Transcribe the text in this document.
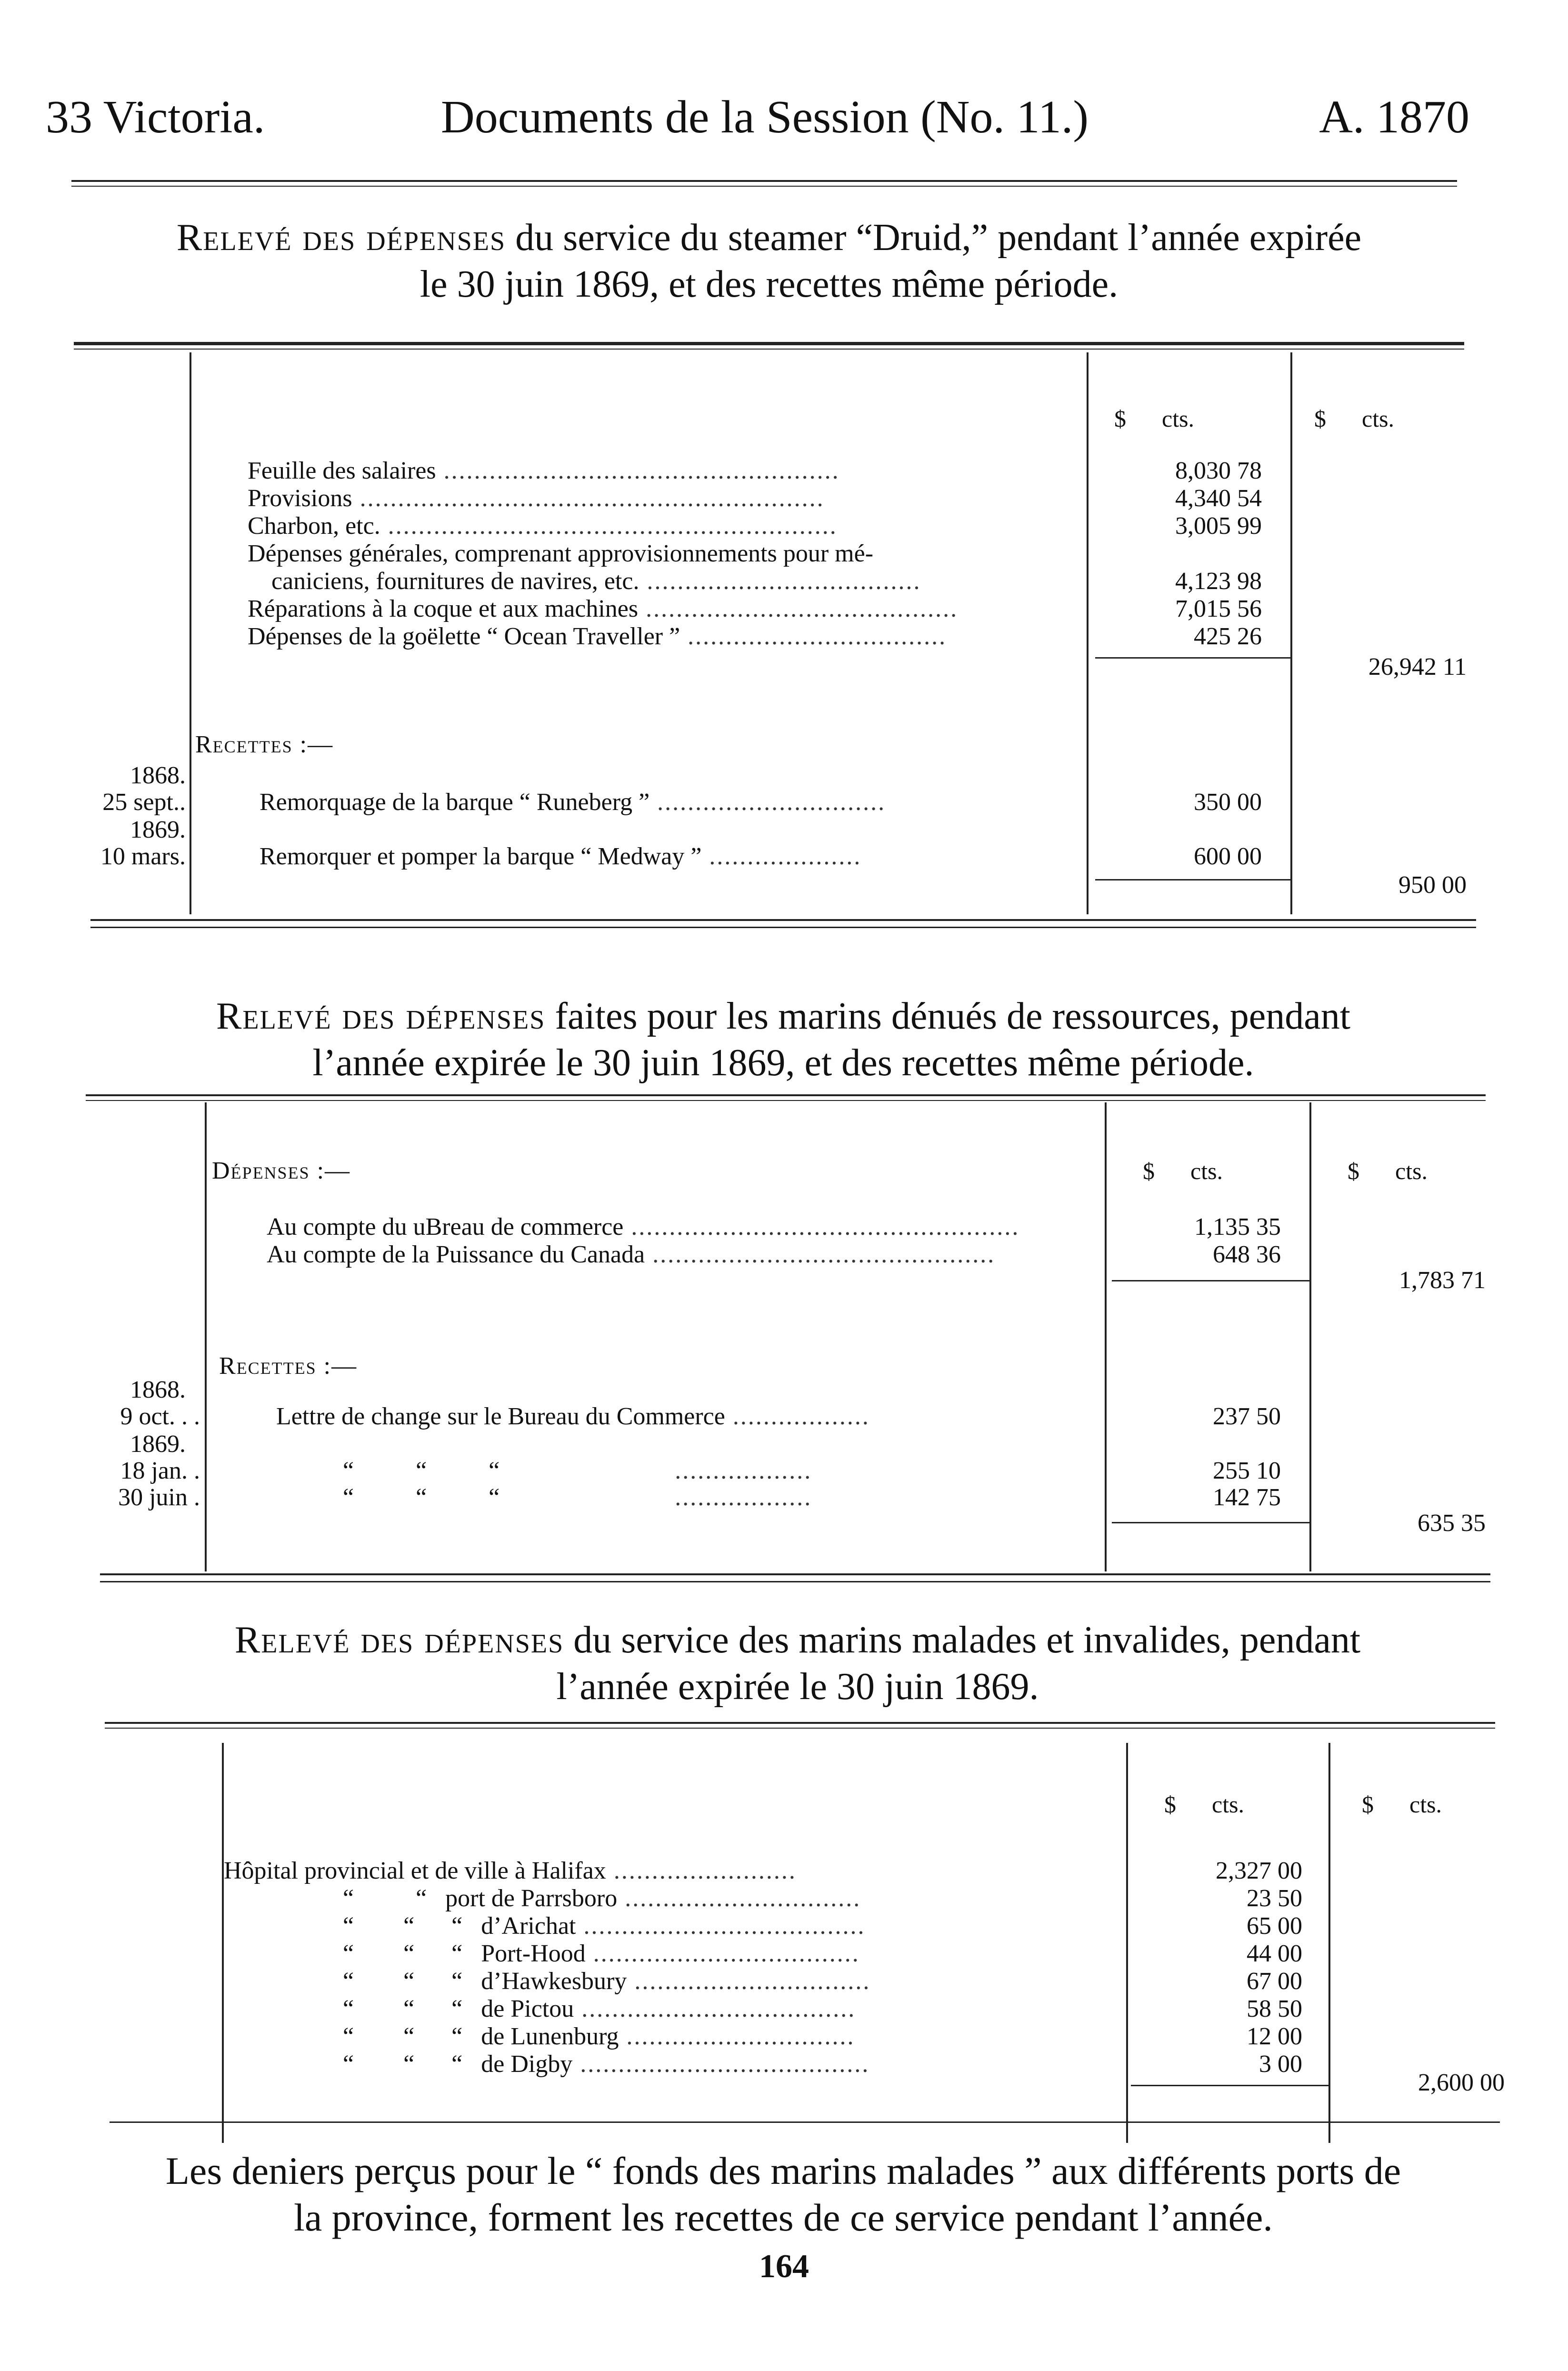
33 Victoria.	Documents de la Session (No. 11.)	A. 1870
Relevé des dépenses du service du steamer “Druid,” pendant l’année expirée
le 30 juin 1869, et des recettes même période.
$      cts.	$      cts.
Feuille des salaires ....................................................	8,030 78
Provisions .............................................................	4,340 54
Charbon, etc. ...........................................................	3,005 99
Dépenses générales, comprenant approvisionnements pour mé-
caniciens, fournitures de navires, etc. ....................................	4,123 98
Réparations à la coque et aux machines .........................................	7,015 56
Dépenses de la goëlette “ Ocean Traveller ” ..................................	425 26
26,942 11
Recettes :—
1868.
25 sept..	Remorquage de la barque “ Runeberg ” ..............................	350 00
1869.
10 mars.	Remorquer et pomper la barque “ Medway ” ....................	600 00
950 00
Relevé des dépenses faites pour les marins dénués de ressources, pendant
l’année expirée le 30 juin 1869, et des recettes même période.
Dépenses :—	$      cts.	$      cts.
Au compte du uBreau de commerce ...................................................	1,135 35
Au compte de la Puissance du Canada .............................................	648 36
1,783 71
Recettes :—
1868.
9 oct. . .	Lettre de change sur le Bureau du Commerce ..................	237 50
1869.
18 jan. .	“          “          “                       ..................	255 10
30 juin .	“          “          “                       ..................	142 75
635 35
Relevé des dépenses du service des marins malades et invalides, pendant
l’année expirée le 30 juin 1869.
$      cts.	$      cts.
Hôpital provincial et de ville à Halifax ........................	2,327 00
“          “   port de Parrsboro ...............................	23 50
“        “      “   d’Arichat .....................................	65 00
“        “      “   Port-Hood ...................................	44 00
“        “      “   d’Hawkesbury ...............................	67 00
“        “      “   de Pictou ....................................	58 50
“        “      “   de Lunenburg ..............................	12 00
“        “      “   de Digby ......................................	3 00
2,600 00
Les deniers perçus pour le “ fonds des marins malades ” aux différents ports de
la province, forment les recettes de ce service pendant l’année.
164
